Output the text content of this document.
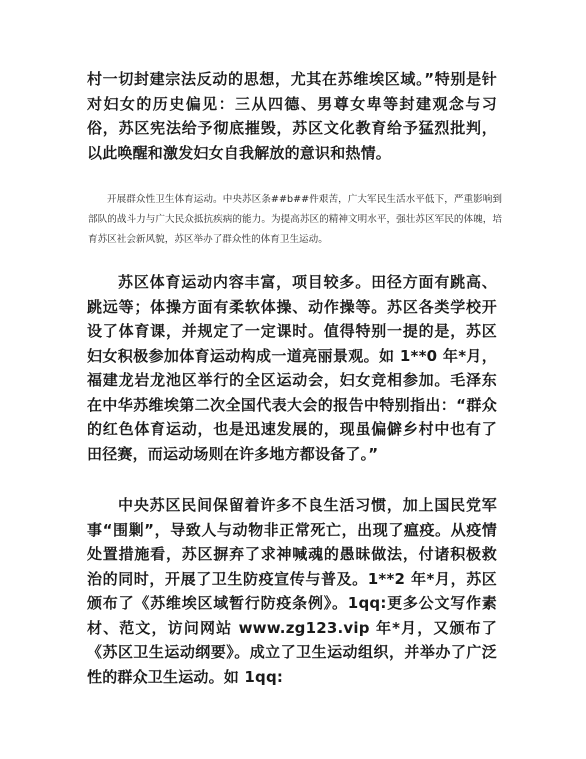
村一切封建宗法反动的思想，尤其在苏维埃区域。”特别是针对妇女的历史偏见：三从四德、男尊女卑等封建观念与习俗，苏区宪法给予彻底摧毁，苏区文化教育给予猛烈批判，以此唤醒和激发妇女自我解放的意识和热情。

开展群众性卫生体育运动。中央苏区条##b##件艰苦，广大军民生活水平低下，严重影响到部队的战斗力与广大民众抵抗疾病的能力。为提高苏区的精神文明水平，强壮苏区军民的体魄，培育苏区社会新风貌，苏区举办了群众性的体育卫生运动。

苏区体育运动内容丰富，项目较多。田径方面有跳高、跳远等；体操方面有柔软体操、动作操等。苏区各类学校开设了体育课，并规定了一定课时。值得特别一提的是，苏区妇女积极参加体育运动构成一道亮丽景观。如 1**0 年*月，福建龙岩龙池区举行的全区运动会，妇女竞相参加。毛泽东在中华苏维埃第二次全国代表大会的报告中特别指出：“群众的红色体育运动，也是迅速发展的，现虽偏僻乡村中也有了田径赛，而运动场则在许多地方都设备了。”

中央苏区民间保留着许多不良生活习惯，加上国民党军事“围剿”，导致人与动物非正常死亡，出现了瘟疫。从疫情处置措施看，苏区摒弃了求神喊魂的愚昧做法，付诸积极救治的同时，开展了卫生防疫宣传与普及。1**2 年*月，苏区颁布了《苏维埃区域暂行防疫条例》。1qq:更多公文写作素材、范文，访问网站 www.zg123.vip 年*月，又颁布了《苏区卫生运动纲要》。成立了卫生运动组织，并举办了广泛性的群众卫生运动。如 1qq:
